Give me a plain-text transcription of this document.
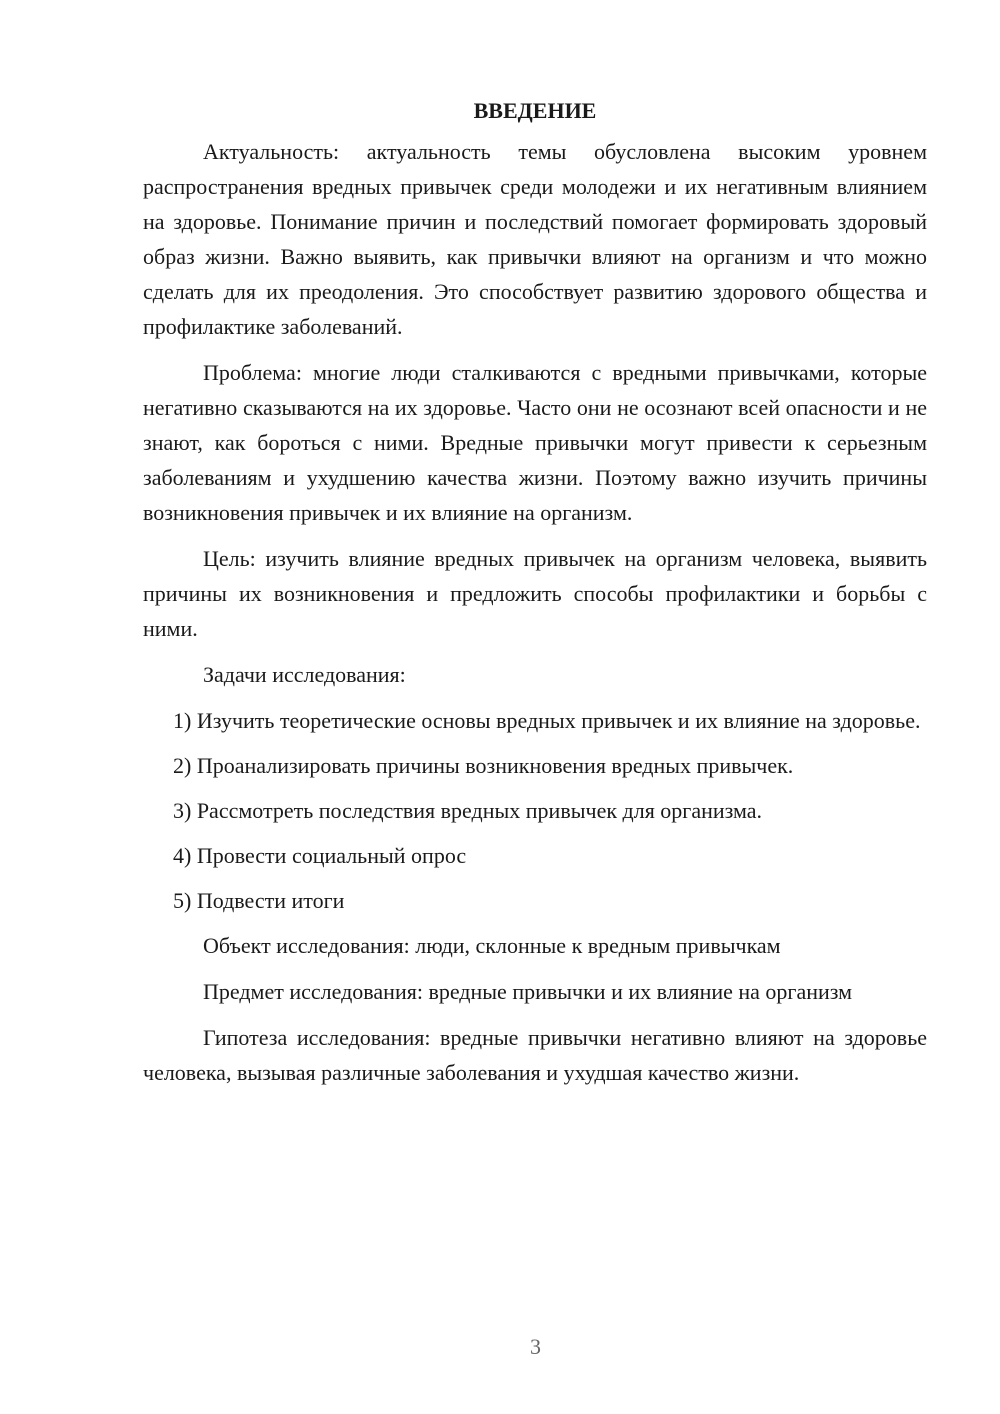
ВВЕДЕНИЕ

Актуальность: актуальность темы обусловлена высоким уровнем распространения вредных привычек среди молодежи и их негативным влиянием на здоровье. Понимание причин и последствий помогает формировать здоровый образ жизни. Важно выявить, как привычки влияют на организм и что можно сделать для их преодоления. Это способствует развитию здорового общества и профилактике заболеваний.

Проблема: многие люди сталкиваются с вредными привычками, которые негативно сказываются на их здоровье. Часто они не осознают всей опасности и не знают, как бороться с ними. Вредные привычки могут привести к серьезным заболеваниям и ухудшению качества жизни. Поэтому важно изучить причины возникновения привычек и их влияние на организм.

Цель: изучить влияние вредных привычек на организм человека, выявить причины их возникновения и предложить способы профилактики и борьбы с ними.

Задачи исследования:

1) Изучить теоретические основы вредных привычек и их влияние на здоровье.

2) Проанализировать причины возникновения вредных привычек.

3) Рассмотреть последствия вредных привычек для организма.

4) Провести социальный опрос

5) Подвести итоги

Объект исследования: люди, склонные к вредным привычкам

Предмет исследования: вредные привычки и их влияние на организм

Гипотеза исследования: вредные привычки негативно влияют на здоровье человека, вызывая различные заболевания и ухудшая качество жизни.

3
